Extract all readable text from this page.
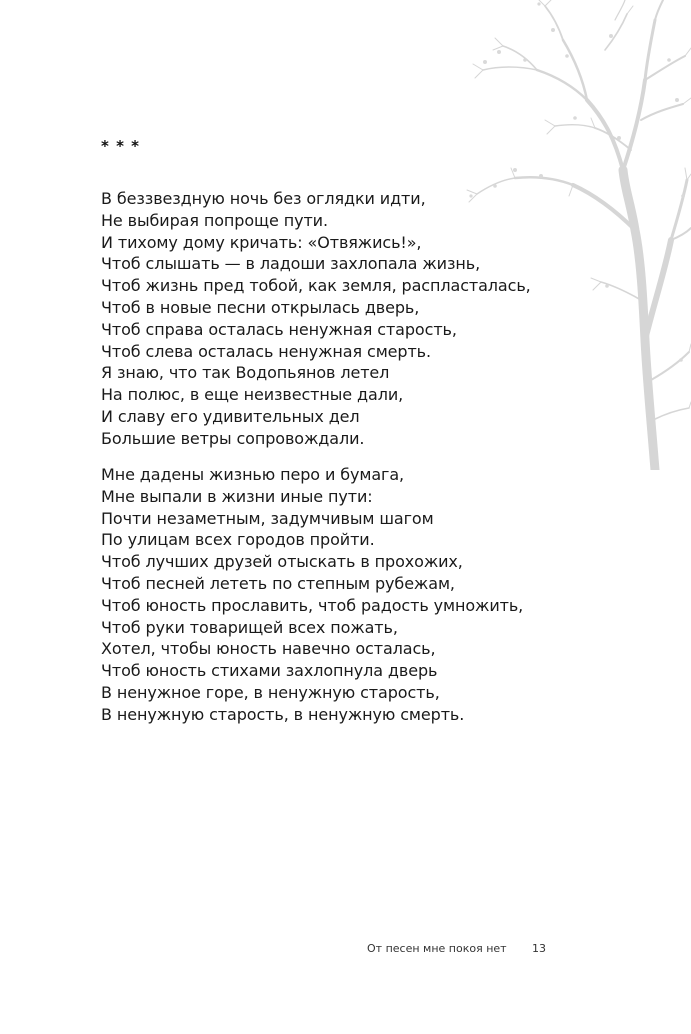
* * *
В беззвездную ночь без оглядки идти,
Не выбирая попроще пути.
И тихому дому кричать: «Отвяжись!»,
Чтоб слышать — в ладоши захлопала жизнь,
Чтоб жизнь пред тобой, как земля, распласталась,
Чтоб в новые песни открылась дверь,
Чтоб справа осталась ненужная старость,
Чтоб слева осталась ненужная смерть.
Я знаю, что так Водопьянов летел
На полюс, в еще неизвестные дали,
И славу его удивительных дел
Большие ветры сопровождали.
Мне дадены жизнью перо и бумага,
Мне выпали в жизни иные пути:
Почти незаметным, задумчивым шагом
По улицам всех городов пройти.
Чтоб лучших друзей отыскать в прохожих,
Чтоб песней лететь по степным рубежам,
Чтоб юность прославить, чтоб радость умножить,
Чтоб руки товарищей всех пожать,
Хотел, чтобы юность навечно осталась,
Чтоб юность стихами захлопнула дверь
В ненужное горе, в ненужную старость,
В ненужную старость, в ненужную смерть.
От песен мне покоя нет 13
